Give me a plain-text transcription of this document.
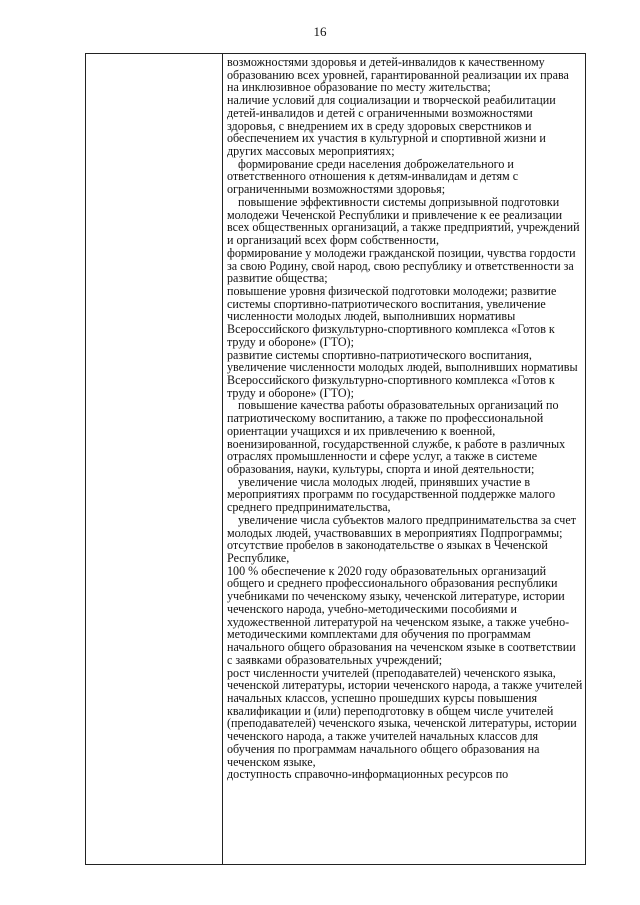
16

возможностями здоровья и детей-инвалидов к качественному образованию всех уровней, гарантированной реализации их права на инклюзивное образование по месту жительства;

наличие условий для социализации и творческой реабилитации детей-инвалидов и детей с ограниченными возможностями здоровья, с внедрением их в среду здоровых сверстников и обеспечением их участия в культурной и спортивной жизни и других массовых мероприятиях;

формирование среди населения доброжелательного и ответственного отношения к детям-инвалидам и детям с ограниченными возможностями здоровья;

повышение эффективности системы допризывной подготовки молодежи Чеченской Республики и привлечение к ее реализации всех общественных организаций, а также предприятий, учреждений и организаций всех форм собственности,

формирование у молодежи гражданской позиции, чувства гордости за свою Родину, свой народ, свою республику и ответственности за развитие общества;

повышение уровня физической подготовки молодежи; развитие системы спортивно-патриотического воспитания, увеличение численности молодых людей, выполнивших нормативы Всероссийского физкультурно-спортивного комплекса «Готов к труду и обороне» (ГТО);

развитие системы спортивно-патриотического воспитания, увеличение численности молодых людей, выполнивших нормативы Всероссийского физкультурно-спортивного комплекса «Готов к труду и обороне» (ГТО);

повышение качества работы образовательных организаций по патриотическому воспитанию, а также по профессиональной ориентации учащихся и их привлечению к военной, военизированной, государственной службе, к работе в различных отраслях промышленности и сфере услуг, а также в системе образования, науки, культуры, спорта и иной деятельности;

увеличение числа молодых людей, принявших участие в мероприятиях программ по государственной поддержке малого среднего предпринимательства,

увеличение числа субъектов малого предпринимательства за счет молодых людей, участвовавших в мероприятиях Подпрограммы;

отсутствие пробелов в законодательстве о языках в Чеченской Республике,

100 % обеспечение к 2020 году образовательных организаций общего и среднего профессионального образования республики учебниками по чеченскому языку, чеченской литературе, истории чеченского народа, учебно-методическими пособиями и художественной литературой на чеченском языке, а также учебно-методическими комплектами для обучения по программам начального общего образования на чеченском языке в соответствии с заявками образовательных учреждений;

рост численности учителей (преподавателей) чеченского языка, чеченской литературы, истории чеченского народа, а также учителей начальных классов, успешно прошедших курсы повышения квалификации и (или) переподготовку в общем числе учителей (преподавателей) чеченского языка, чеченской литературы, истории чеченского народа, а также учителей начальных классов для обучения по программам начального общего образования на чеченском языке,

доступность справочно-информационных ресурсов по
